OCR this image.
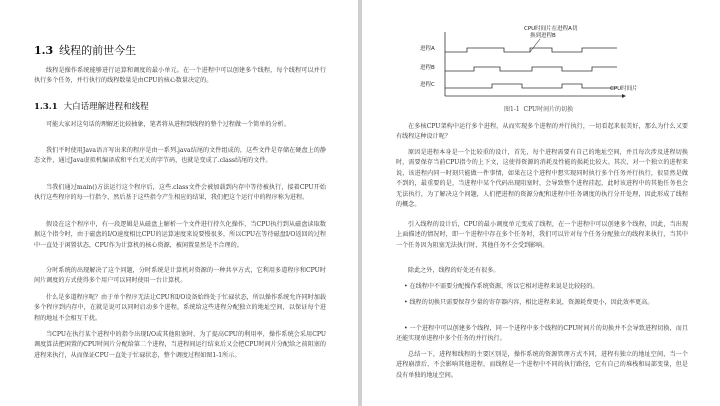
1.3 线程的前世今生
线程是操作系统能够进行运算和调度的最小单元。在一个进程中可以创建多个线程，每个线程可以并行执行多个任务，并行执行的线程数量是由CPU的核心数量决定的。
1.3.1 大白话理解进程和线程
可能大家对这句话的理解还比较抽象，笔者将从进程到线程的整个过程做一个简单的分析。
我们平时使用Java语言写出来的程序是由一系列.java结尾的文件组成的，这些文件是存储在硬盘上的静态文件，通过Java虚拟机编译成和平台无关的字节码，也就是变成了.class结尾的文件。
当我们通过main()方法运行这个程序后，这些.class文件会被加载到内存中等待被执行，接着CPU开始执行这些程序的每一行指令，然后基于这些指令产生相应的结果，我们把这个运行中的程序称为进程。
假设在这个程序中，有一段逻辑是从磁盘上解析一个文件进行持久化操作，当CPU执行到从磁盘读取数据这个指令时，由于磁盘的I/O速度相比CPU的运算速度来说要慢很多，所以CPU在等待磁盘I/O返回的过程中一直处于闲置状态，CPU作为计算机的核心资源，被闲置显然是不合理的。
分时系统的出现解决了这个问题，分时系统是计算机对资源的一种共享方式，它利用多道程序和CPU时间片调度的方式使得多个用户可以同时使用一台计算机。
什么是多道程序呢？由于单个程序无法让CPU和I/O设备始终处于忙碌状态，所以操作系统允许同时加载多个程序到内存中，在就是说可以同时启动多个进程，系统给这些进程分配独立的地址空间，以保证每个进程的地址不会相互干扰。
当CPU在执行某个进程中的指令出现I/O或其他阻塞时，为了提高CPU的利用率，操作系统会采用CPU调度算法把闲置的CPU时间片分配给第二个进程，当进程间运行结束后又会把CPU时间片分配给之前阻塞的进程来执行，从而保证CPU一直处于忙碌状态，整个调度过程如图1-1所示。
CPU时间片在进程A切
换到进程B
进程A
进程B
进程C
CPU时间片
图1-1 CPU时间片的切换
在多核CPU架构中运行多个进程，从而实现多个进程的并行执行，一切看起来很美好，那么为什么又要有线程这种设计呢？
原因是进程本身是一个比较重的设计，首先，每个进程需要有自己的地址空间，并且每次涉及进程切换时，需要保存当前CPU指令的上下文，这使得资源的消耗及性能的损耗比较大。其次，对一个独立的进程来说，该进程内同一时刻只能做一件事情，如果在这个进程中想实现同时执行多个任务并行执行，很显然是做不到的，最重要的是，当进程中某个代码出现阻塞时，会导致整个进程挂起，此时该进程中的其他任务也会无法执行，为了解决这个问题，人们把进程的资源分配和进程中任务调度的执行分开处理，因此形成了线程的概念。
引入线程的设计后，CPU的最小调度单元变成了线程，在一个进程中可以创建多个线程，因此，当出现上面描述的情况时，即一个进程中存在多个任务时，我们可以针对每个任务分配独立的线程来执行，当其中一个任务因为阻塞无法执行时，其他任务不会受到影响。
除此之外，线程的好处还有很多。
• 在线程中不需要分配操作系统资源，所以它相对进程来说是比较轻的。
• 线程的切换只需要保存少量的寄存器内容，相比进程来说，资源耗费更小，因此效率更高。
• 一个进程中可以创建多个线程，同一个进程中多个线程的CPU时间片的切换并不会导致进程切换，而且还能实现单进程中多个任务的并行执行。
总结一下，进程和线程的主要区别是，操作系统的资源管理方式不同，进程有独立的地址空间，当一个进程崩溃后，不会影响其他进程，而线程是一个进程中不同的执行路径，它有自己的堆栈和局部变量，但是没有单独的地址空间。
